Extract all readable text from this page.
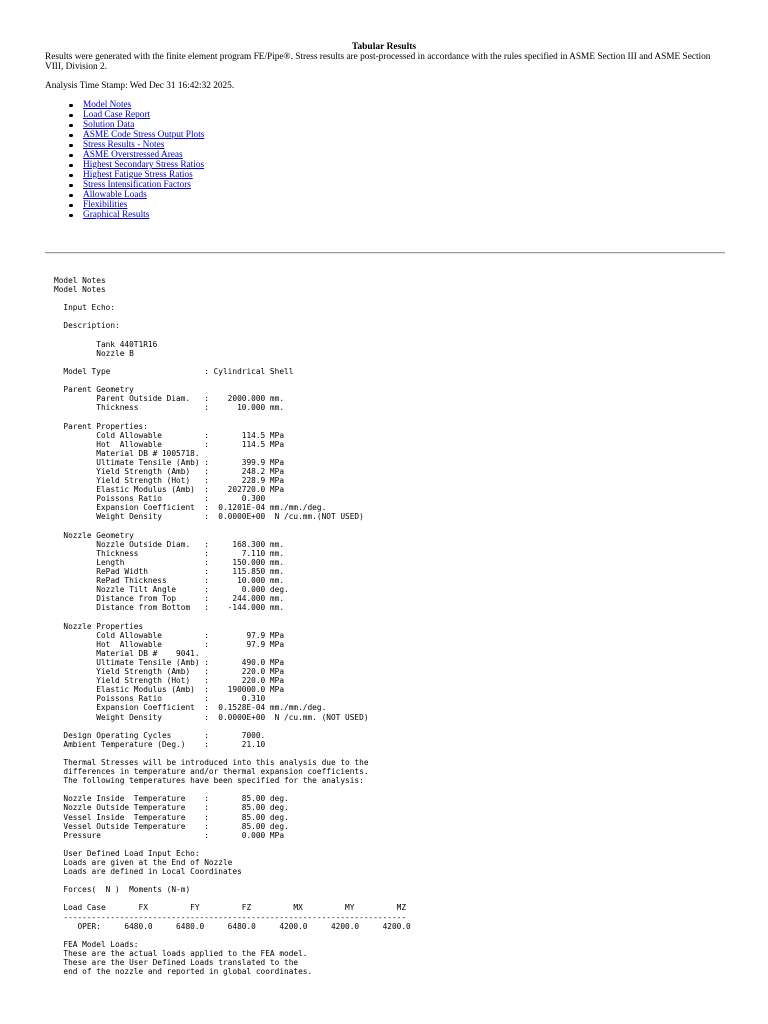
Tabular Results
Results were generated with the finite element program FE/Pipe®. Stress results are post-processed in accordance with the rules specified in ASME Section III and ASME Section VIII, Division 2.
Analysis Time Stamp: Wed Dec 31 16:42:32 2025.
Model Notes
Load Case Report
Solution Data
ASME Code Stress Output Plots
Stress Results - Notes
ASME Overstressed Areas
Highest Secondary Stress Ratios
Highest Fatigue Stress Ratios
Stress Intensification Factors
Allowable Loads
Flexibilities
Graphical Results
Model Notes
Model Notes

Input Echo:

Description:

Tank 440T1R16
Nozzle B

Model Type                    : Cylindrical Shell

Parent Geometry
Parent Outside Diam.   :    2000.000 mm.
Thickness              :      10.000 mm.

Parent Properties:
Cold Allowable         :       114.5 MPa
Hot  Allowable         :       114.5 MPa
Material DB # 1005718.
Ultimate Tensile (Amb) :       399.9 MPa
Yield Strength (Amb)   :       248.2 MPa
Yield Strength (Hot)   :       228.9 MPa
Elastic Modulus (Amb)  :    202720.0 MPa
Poissons Ratio         :       0.300
Expansion Coefficient  :  0.1201E-04 mm./mm./deg.
Weight Density         :  0.0000E+00  N /cu.mm.(NOT USED)

Nozzle Geometry
Nozzle Outside Diam.   :     168.300 mm.
Thickness              :       7.110 mm.
Length                 :     150.000 mm.
RePad Width            :     115.850 mm.
RePad Thickness        :      10.000 mm.
Nozzle Tilt Angle      :       0.000 deg.
Distance from Top      :     244.000 mm.
Distance from Bottom   :    -144.000 mm.

Nozzle Properties
Cold Allowable         :        97.9 MPa
Hot  Allowable         :        97.9 MPa
Material DB #    9041.
Ultimate Tensile (Amb) :       490.0 MPa
Yield Strength (Amb)   :       220.0 MPa
Yield Strength (Hot)   :       220.0 MPa
Elastic Modulus (Amb)  :    190000.0 MPa
Poissons Ratio         :       0.310
Expansion Coefficient  :  0.1528E-04 mm./mm./deg.
Weight Density         :  0.0000E+00  N /cu.mm. (NOT USED)

Design Operating Cycles       :       7000.
Ambient Temperature (Deg.)    :       21.10

Thermal Stresses will be introduced into this analysis due to the
differences in temperature and/or thermal expansion coefficients.
The following temperatures have been specified for the analysis:

Nozzle Inside  Temperature    :       85.00 deg.
Nozzle Outside Temperature    :       85.00 deg.
Vessel Inside  Temperature    :       85.00 deg.
Vessel Outside Temperature    :       85.00 deg.
Pressure                      :       0.000 MPa

User Defined Load Input Echo:
Loads are given at the End of Nozzle
Loads are defined in Local Coordinates

Forces(  N )  Moments (N-m)

Load Case       FX         FY         FZ         MX         MY         MZ
-------------------------------------------------------------------------
OPER:     6480.0     6480.0     6480.0     4200.0     4200.0     4200.0

FEA Model Loads:
These are the actual loads applied to the FEA model.
These are the User Defined Loads translated to the
end of the nozzle and reported in global coordinates.
